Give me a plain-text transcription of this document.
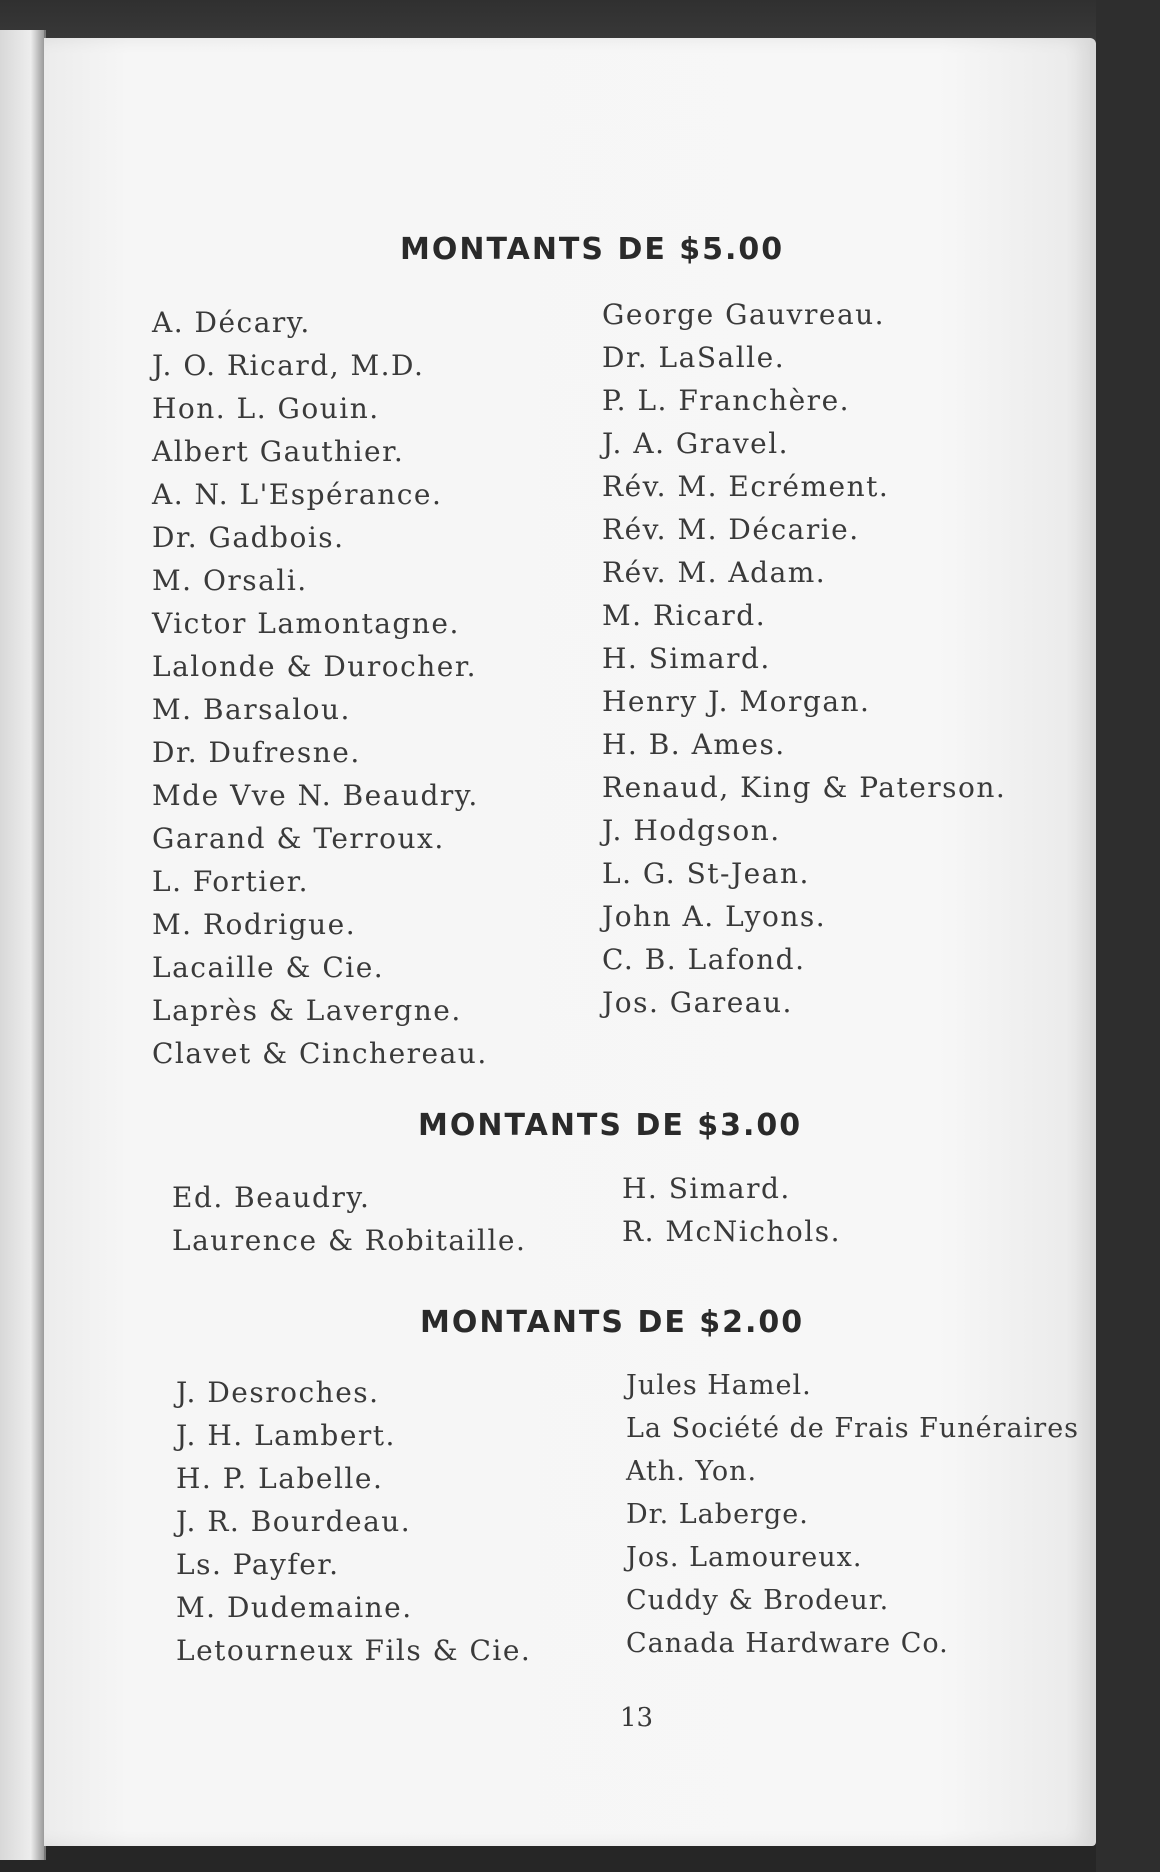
MONTANTS DE $5.00
A. Décary.
J. O. Ricard, M.D.
Hon. L. Gouin.
Albert Gauthier.
A. N. L'Espérance.
Dr. Gadbois.
M. Orsali.
Victor Lamontagne.
Lalonde & Durocher.
M. Barsalou.
Dr. Dufresne.
Mde Vve N. Beaudry.
Garand & Terroux.
L. Fortier.
M. Rodrigue.
Lacaille & Cie.
Laprès & Lavergne.
Clavet & Cinchereau.
George Gauvreau.
Dr. LaSalle.
P. L. Franchère.
J. A. Gravel.
Rév. M. Ecrément.
Rév. M. Décarie.
Rév. M. Adam.
M. Ricard.
H. Simard.
Henry J. Morgan.
H. B. Ames.
Renaud, King & Paterson.
J. Hodgson.
L. G. St-Jean.
John A. Lyons.
C. B. Lafond.
Jos. Gareau.
MONTANTS DE $3.00
Ed. Beaudry.
Laurence & Robitaille.
H. Simard.
R. McNichols.
MONTANTS DE $2.00
J. Desroches.
J. H. Lambert.
H. P. Labelle.
J. R. Bourdeau.
Ls. Payfer.
M. Dudemaine.
Letourneux Fils & Cie.
Jules Hamel.
La Société de Frais Funéraires
Ath. Yon.
Dr. Laberge.
Jos. Lamoureux.
Cuddy & Brodeur.
Canada Hardware Co.
13
